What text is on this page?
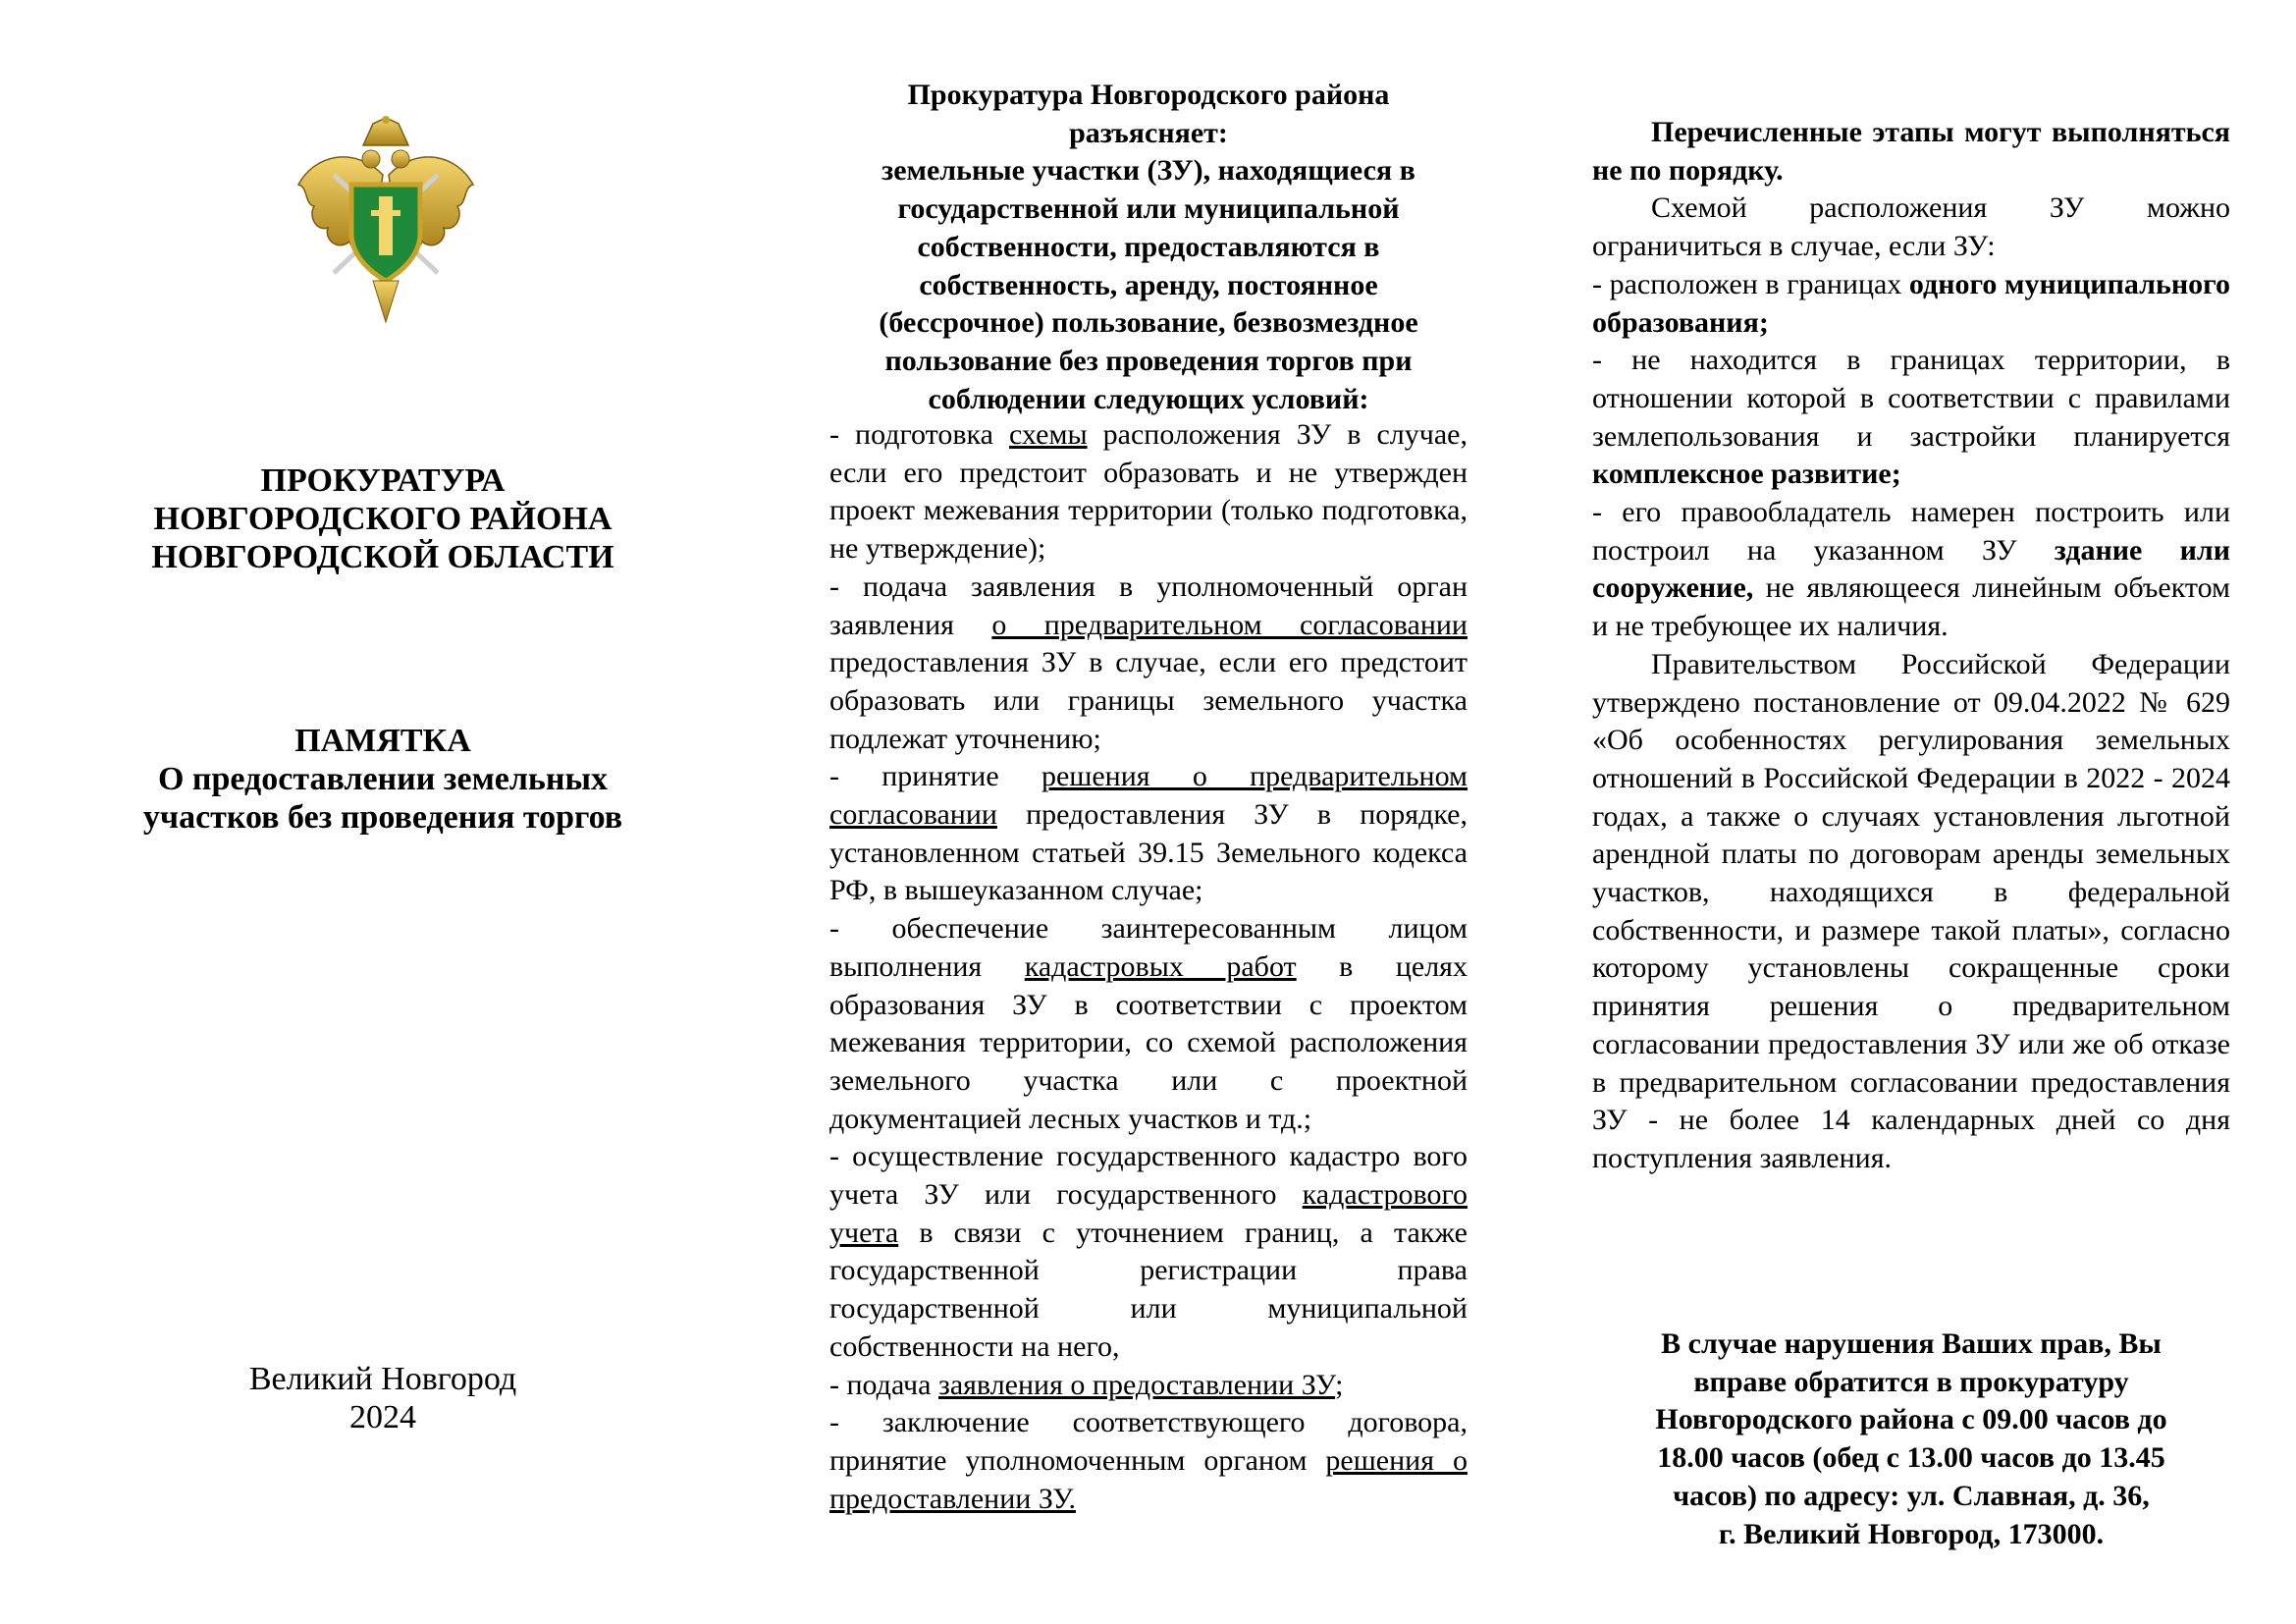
ПРОКУРАТУРА
НОВГОРОДСКОГО РАЙОНА
НОВГОРОДСКОЙ ОБЛАСТИ
ПАМЯТКА
О предоставлении земельных
участков без проведения торгов
Великий Новгород
2024

Прокуратура Новгородского района

разъясняет:

земельные участки (ЗУ), находящиеся в

государственной или муниципальной

собственности, предоставляются в

собственность, аренду, постоянное

(бессрочное) пользование, безвозмездное

пользование без проведения торгов при

соблюдении следующих условий:

- подготовка схемы расположения ЗУ в случае, если его предстоит образовать и не утвержден проект межевания территории (только подготовка, не утверждение);

- подача заявления в уполномоченный орган заявления о предварительном согласовании предоставления ЗУ в случае, если его предстоит образовать или границы земельного участка подлежат уточнению;

- принятие решения о предварительном согласовании предоставления ЗУ в порядке, установленном статьей 39.15 Земельного кодекса РФ, в вышеуказанном случае;

- обеспечение заинтересованным лицом выполнения кадастровых работ в целях образования ЗУ в соответствии с проектом межевания территории, со схемой расположения земельного участка или с проектной документацией лесных участков и тд.;

- осуществление государственного кадастро вого учета ЗУ или государственного кадастрового учета в связи с уточнением границ, а также государственной регистрации права государственной или муниципальной собственности на него,

- подача заявления о предоставлении ЗУ;

- заключение соответствующего договора, принятие уполномоченным органом решения о предоставлении ЗУ.

Перечисленные этапы могут выполняться не по порядку.

Схемой расположения ЗУ можно ограничиться в случае, если ЗУ:

- расположен в границах одного муниципального образования;

- не находится в границах территории, в отношении которой в соответствии с правилами землепользования и застройки планируется комплексное развитие;

- его правообладатель намерен построить или построил на указанном ЗУ здание или сооружение, не являющееся линейным объектом и не требующее их наличия.

Правительством Российской Федерации утверждено постановление от 09.04.2022 № 629 «Об особенностях регулирования земельных отношений в Российской Федерации в 2022 - 2024 годах, а также о случаях установления льготной арендной платы по договорам аренды земельных участков, находящихся в федеральной собственности, и размере такой платы», согласно которому установлены сокращенные сроки принятия решения о предварительном согласовании предоставления ЗУ или же об отказе в предварительном согласовании предоставления ЗУ - не более 14 календарных дней со дня поступления заявления.

В случае нарушения Ваших прав, Вы

вправе обратится в прокуратуру

Новгородского района с 09.00 часов до

18.00 часов (обед с 13.00 часов до 13.45

часов) по адресу: ул. Славная, д. 36,

г. Великий Новгород, 173000.
